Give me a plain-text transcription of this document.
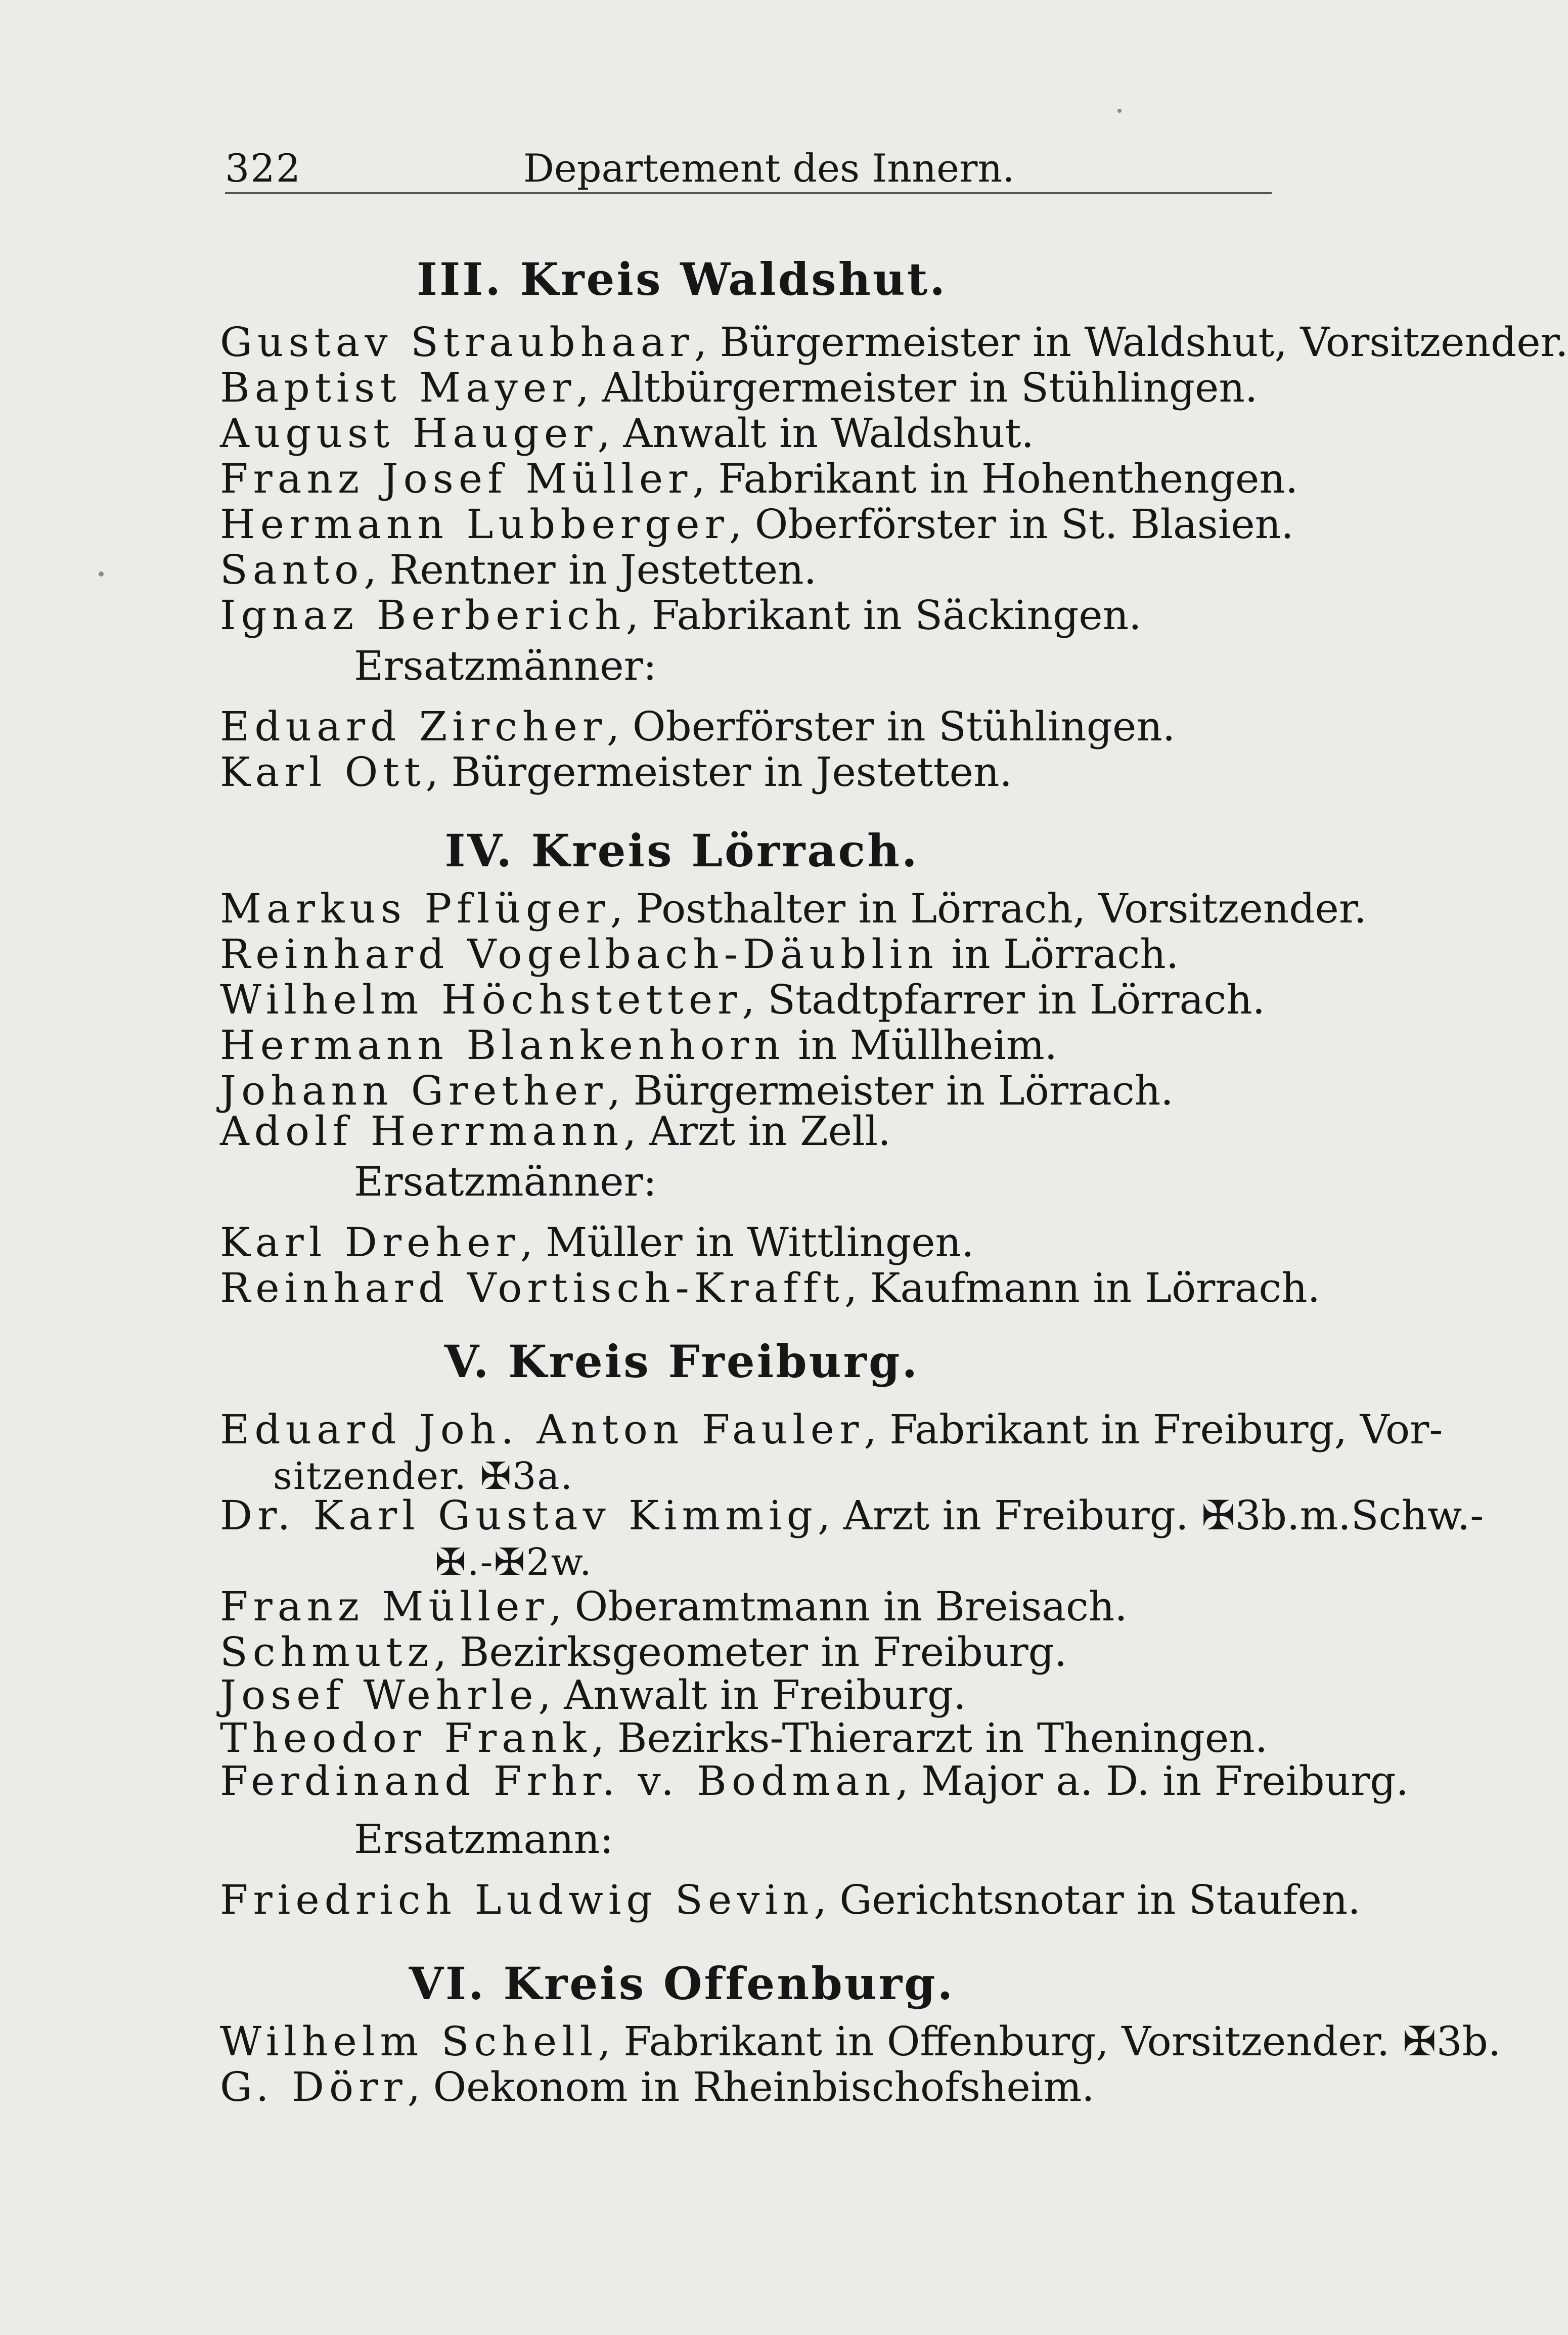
322	Departement des Innern.
III. Kreis Waldshut.
Gustav Straubhaar, Bürgermeister in Waldshut, Vorsitzender.
Baptist Mayer, Altbürgermeister in Stühlingen.
August Hauger, Anwalt in Waldshut.
Franz Josef Müller, Fabrikant in Hohenthengen.
Hermann Lubberger, Oberförster in St. Blasien.
Santo, Rentner in Jestetten.
Ignaz Berberich, Fabrikant in Säckingen.
Ersatzmänner:
Eduard Zircher, Oberförster in Stühlingen.
Karl Ott, Bürgermeister in Jestetten.
IV. Kreis Lörrach.
Markus Pflüger, Posthalter in Lörrach, Vorsitzender.
Reinhard Vogelbach-Däublin in Lörrach.
Wilhelm Höchstetter, Stadtpfarrer in Lörrach.
Hermann Blankenhorn in Müllheim.
Johann Grether, Bürgermeister in Lörrach.
Adolf Herrmann, Arzt in Zell.
Ersatzmänner:
Karl Dreher, Müller in Wittlingen.
Reinhard Vortisch-Krafft, Kaufmann in Lörrach.
V. Kreis Freiburg.
Eduard Joh. Anton Fauler, Fabrikant in Freiburg, Vor-
sitzender. ✠3a.
Dr. Karl Gustav Kimmig, Arzt in Freiburg. ✠3b.m.Schw.-
✠.-✠2w.
Franz Müller, Oberamtmann in Breisach.
Schmutz, Bezirksgeometer in Freiburg.
Josef Wehrle, Anwalt in Freiburg.
Theodor Frank, Bezirks-Thierarzt in Theningen.
Ferdinand Frhr. v. Bodman, Major a. D. in Freiburg.
Ersatzmann:
Friedrich Ludwig Sevin, Gerichtsnotar in Staufen.
VI. Kreis Offenburg.
Wilhelm Schell, Fabrikant in Offenburg, Vorsitzender. ✠3b.
G. Dörr, Oekonom in Rheinbischofsheim.
